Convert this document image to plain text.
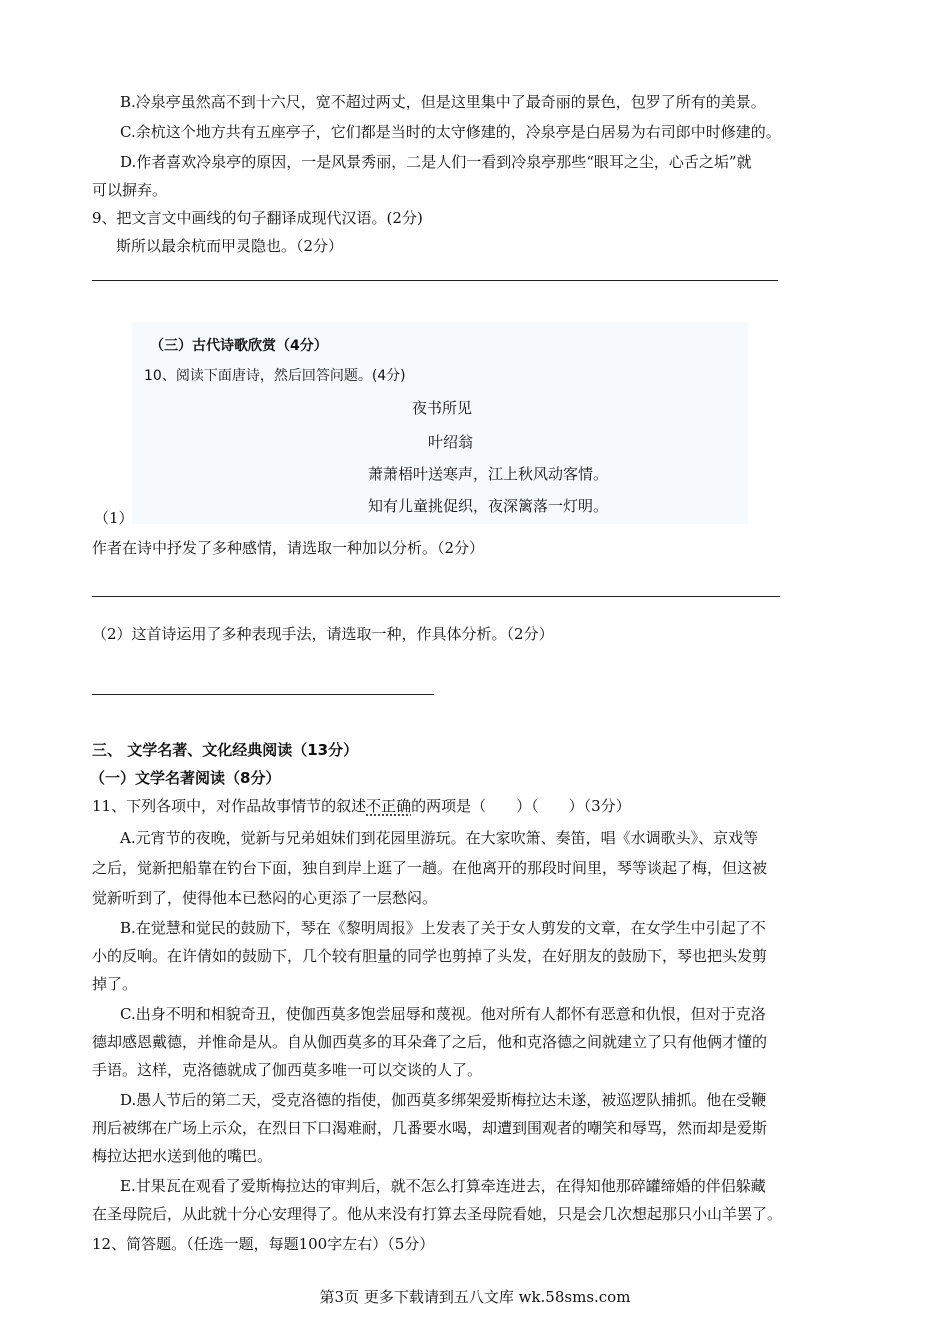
B.冷泉亭虽然高不到十六尺，宽不超过两丈，但是这里集中了最奇丽的景色，包罗了所有的美景。
C.余杭这个地方共有五座亭子，它们都是当时的太守修建的，冷泉亭是白居易为右司郎中时修建的。
D.作者喜欢冷泉亭的原因，一是风景秀丽，二是人们一看到冷泉亭那些“眼耳之尘，心舌之垢”就
可以摒弃。
9、把文言文中画线的句子翻译成现代汉语。(2分)
斯所以最余杭而甲灵隐也。（2分）
（三）古代诗歌欣赏（4分）
10、阅读下面唐诗，然后回答问题。(4分)
夜书所见
叶绍翁
萧萧梧叶送寒声，江上秋风动客情。
知有儿童挑促织，夜深篱落一灯明。
（1）
作者在诗中抒发了多种感情，请选取一种加以分析。（2分）
（2）这首诗运用了多种表现手法，请选取一种，作具体分析。（2分）
三、 文学名著、文化经典阅读（13分）
（一）文学名著阅读（8分）
11、下列各项中，对作品故事情节的叙述不正确的两项是（　　）（　　）（3分）
A.元宵节的夜晚，觉新与兄弟姐妹们到花园里游玩。在大家吹箫、奏笛，唱《水调歌头》、京戏等
之后，觉新把船靠在钓台下面，独自到岸上逛了一趟。在他离开的那段时间里，琴等谈起了梅，但这被
觉新听到了，使得他本已愁闷的心更添了一层愁闷。
B.在觉慧和觉民的鼓励下，琴在《黎明周报》上发表了关于女人剪发的文章，在女学生中引起了不
小的反响。在许倩如的鼓励下，几个较有胆量的同学也剪掉了头发，在好朋友的鼓励下，琴也把头发剪
掉了。
C.出身不明和相貌奇丑，使伽西莫多饱尝屈辱和蔑视。他对所有人都怀有恶意和仇恨，但对于克洛
德却感恩戴德，并惟命是从。自从伽西莫多的耳朵聋了之后，他和克洛德之间就建立了只有他俩才懂的
手语。这样，克洛德就成了伽西莫多唯一可以交谈的人了。
D.愚人节后的第二天，受克洛德的指使，伽西莫多绑架爱斯梅拉达未遂，被巡逻队捕抓。他在受鞭
刑后被绑在广场上示众，在烈日下口渴难耐，几番要水喝，却遭到围观者的嘲笑和辱骂，然而却是爱斯
梅拉达把水送到他的嘴巴。
E.甘果瓦在观看了爱斯梅拉达的审判后，就不怎么打算牵连进去，在得知他那碎罐缔婚的伴侣躲藏
在圣母院后，从此就十分心安理得了。他从来没有打算去圣母院看她，只是会几次想起那只小山羊罢了。
12、简答题。（任选一题，每题100字左右）（5分）
第3页 更多下载请到五八文库 wk.58sms.com
